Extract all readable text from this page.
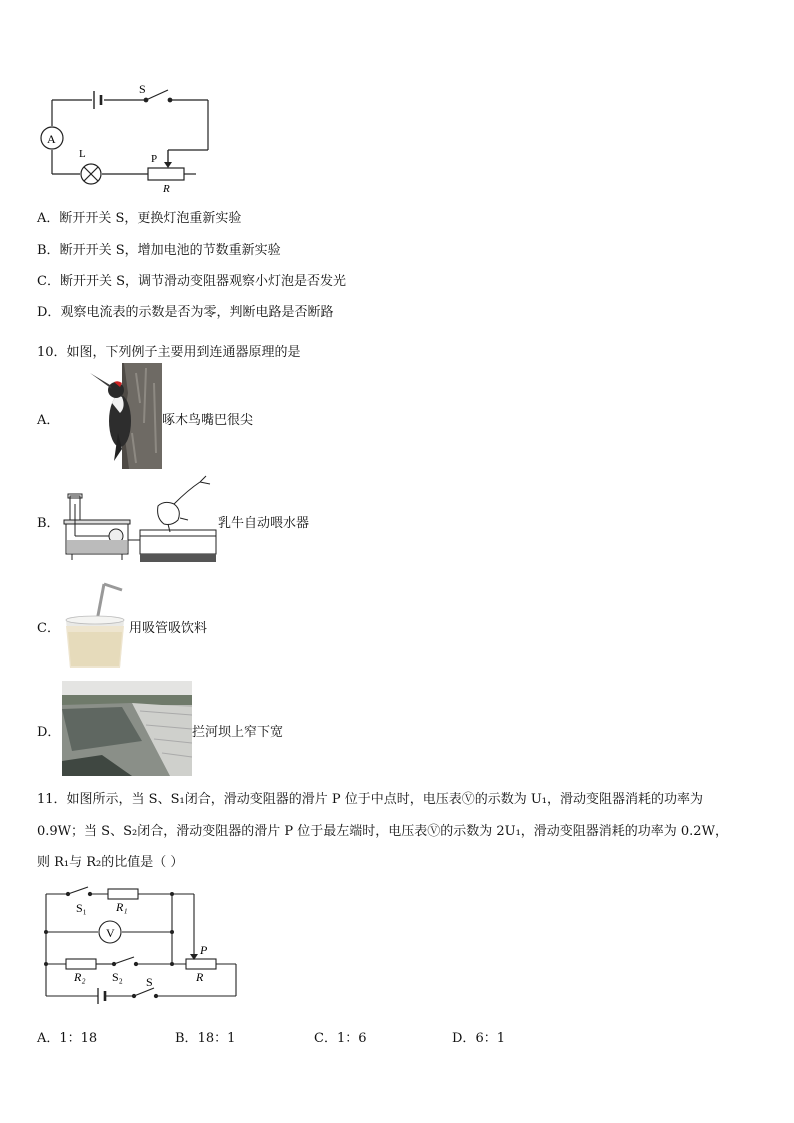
S
A
L	P
R
A．断开开关 S，更换灯泡重新实验
B．断开开关 S，增加电池的节数重新实验
C．断开开关 S，调节滑动变阻器观察小灯泡是否发光
D．观察电流表的示数是否为零，判断电路是否断路
10．如图，下列例子主要用到连通器原理的是
A．	啄木鸟嘴巴很尖
B．	乳牛自动喂水器
C．	用吸管吸饮料
D．	拦河坝上窄下宽
11．如图所示，当 S、S₁闭合，滑动变阻器的滑片 P 位于中点时，电压表Ⓥ的示数为 U₁，滑动变阻器消耗的功率为
0.9W；当 S、S₂闭合，滑动变阻器的滑片 P 位于最左端时，电压表Ⓥ的示数为 2U₁，滑动变阻器消耗的功率为 0.2W，
则 R₁与 R₂的比值是（ ）
S₁ R₁
V
P
R₂ S₂	R
S
A．1：18	B．18：1	C．1：6	D．6：1
